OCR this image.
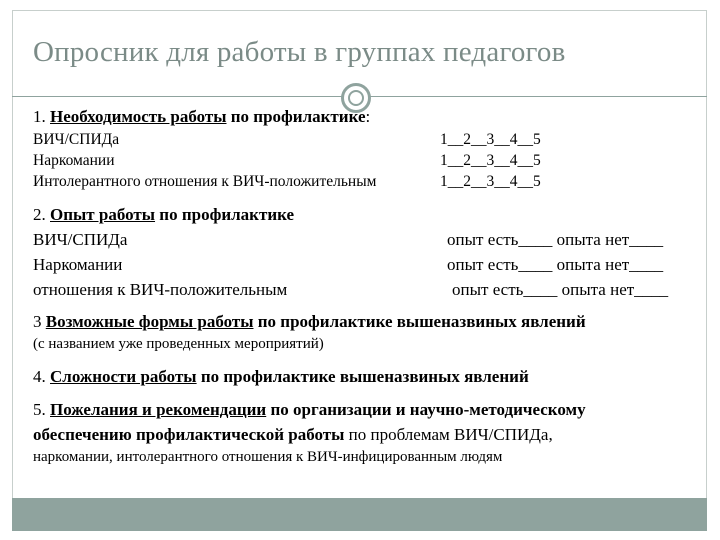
Опросник для работы в группах педагогов
1. Необходимость работы по профилактике:
ВИЧ/СПИДа	1__2__3__4__5
Наркомании	1__2__3__4__5
Интолерантного отношения к ВИЧ-положительным	1__2__3__4__5
2. Опыт работы по профилактике
ВИЧ/СПИДа	опыт есть____ опыта нет____
Наркомании	опыт есть____ опыта нет____
отношения к ВИЧ-положительным	опыт есть____ опыта нет____
3 Возможные формы работы по профилактике вышеназвиных явлений
(с названием уже проведенных мероприятий)
4. Сложности работы по профилактике вышеназвиных явлений
5. Пожелания и рекомендации по организации и научно-методическому
обеспечению профилактической работы по проблемам ВИЧ/СПИДа,
наркомании, интолерантного отношения к ВИЧ-инфицированным людям
